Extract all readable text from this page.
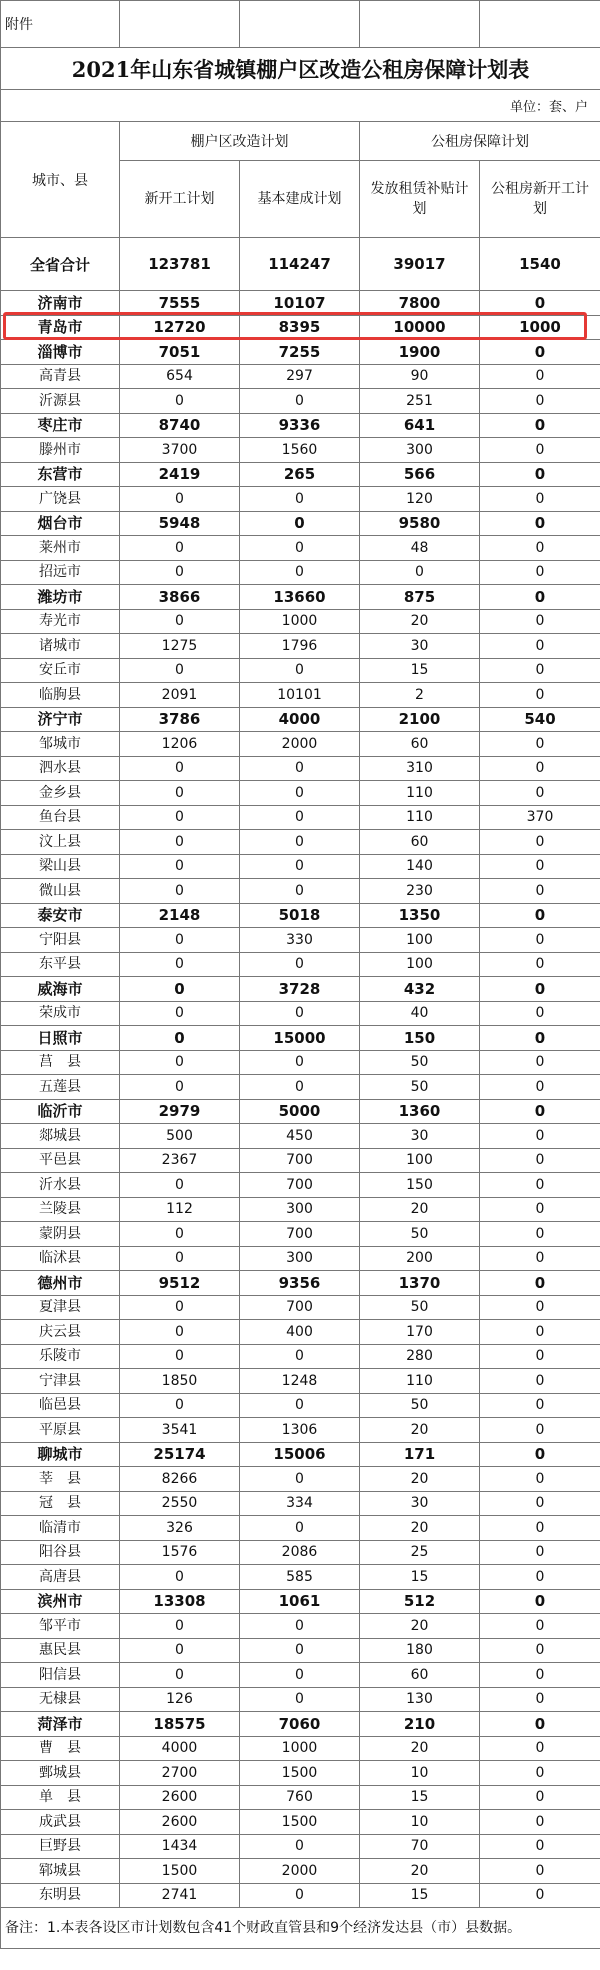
附件				
2021年山东省城镇棚户区改造公租房保障计划表				
单位：套、户				
城市、县	棚户区改造计划		公租房保障计划	
	新开工计划	基本建成计划	发放租赁补贴计划	公租房新开工计划
全省合计	123781	114247	39017	1540
济南市	7555	10107	7800	0
青岛市	12720	8395	10000	1000
淄博市	7051	7255	1900	0
高青县	654	297	90	0
沂源县	0	0	251	0
枣庄市	8740	9336	641	0
滕州市	3700	1560	300	0
东营市	2419	265	566	0
广饶县	0	0	120	0
烟台市	5948	0	9580	0
莱州市	0	0	48	0
招远市	0	0	0	0
潍坊市	3866	13660	875	0
寿光市	0	1000	20	0
诸城市	1275	1796	30	0
安丘市	0	0	15	0
临朐县	2091	10101	2	0
济宁市	3786	4000	2100	540
邹城市	1206	2000	60	0
泗水县	0	0	310	0
金乡县	0	0	110	0
鱼台县	0	0	110	370
汶上县	0	0	60	0
梁山县	0	0	140	0
微山县	0	0	230	0
泰安市	2148	5018	1350	0
宁阳县	0	330	100	0
东平县	0	0	100	0
威海市	0	3728	432	0
荣成市	0	0	40	0
日照市	0	15000	150	0
莒　县	0	0	50	0
五莲县	0	0	50	0
临沂市	2979	5000	1360	0
郯城县	500	450	30	0
平邑县	2367	700	100	0
沂水县	0	700	150	0
兰陵县	112	300	20	0
蒙阴县	0	700	50	0
临沭县	0	300	200	0
德州市	9512	9356	1370	0
夏津县	0	700	50	0
庆云县	0	400	170	0
乐陵市	0	0	280	0
宁津县	1850	1248	110	0
临邑县	0	0	50	0
平原县	3541	1306	20	0
聊城市	25174	15006	171	0
莘　县	8266	0	20	0
冠　县	2550	334	30	0
临清市	326	0	20	0
阳谷县	1576	2086	25	0
高唐县	0	585	15	0
滨州市	13308	1061	512	0
邹平市	0	0	20	0
惠民县	0	0	180	0
阳信县	0	0	60	0
无棣县	126	0	130	0
菏泽市	18575	7060	210	0
曹　县	4000	1000	20	0
鄄城县	2700	1500	10	0
单　县	2600	760	15	0
成武县	2600	1500	10	0
巨野县	1434	0	70	0
郓城县	1500	2000	20	0
东明县	2741	0	15	0
备注：1.本表各设区市计划数包含41个财政直管县和9个经济发达县（市）县数据。				
